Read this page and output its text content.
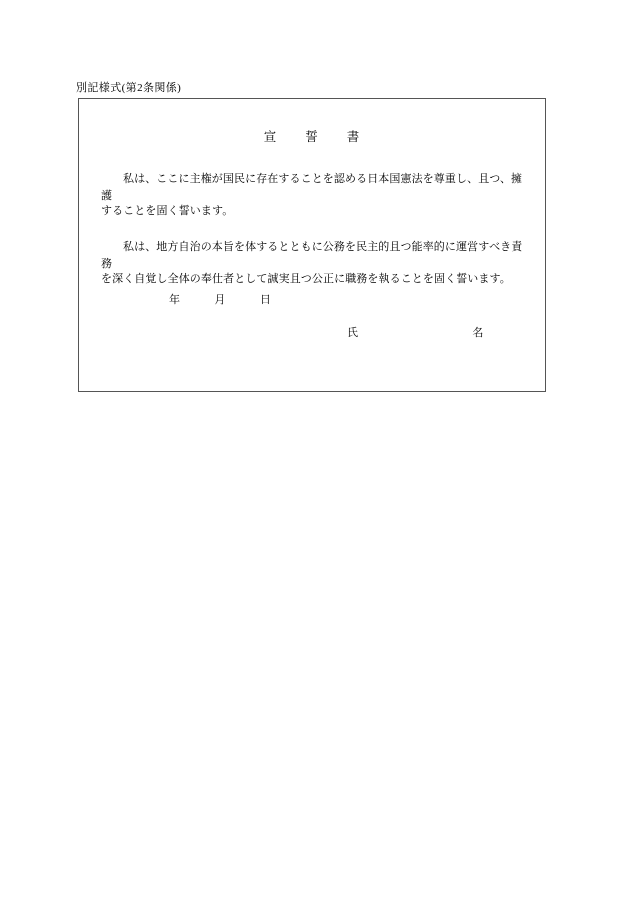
別記様式(第2条関係)
宣 誓 書
私は、ここに主権が国民に存在することを認める日本国憲法を尊重し、且つ、擁護
することを固く誓います。
私は、地方自治の本旨を体するとともに公務を民主的且つ能率的に運営すべき責務
を深く自覚し全体の奉仕者として誠実且つ公正に職務を執ることを固く誓います。
年	月	日
氏	名
